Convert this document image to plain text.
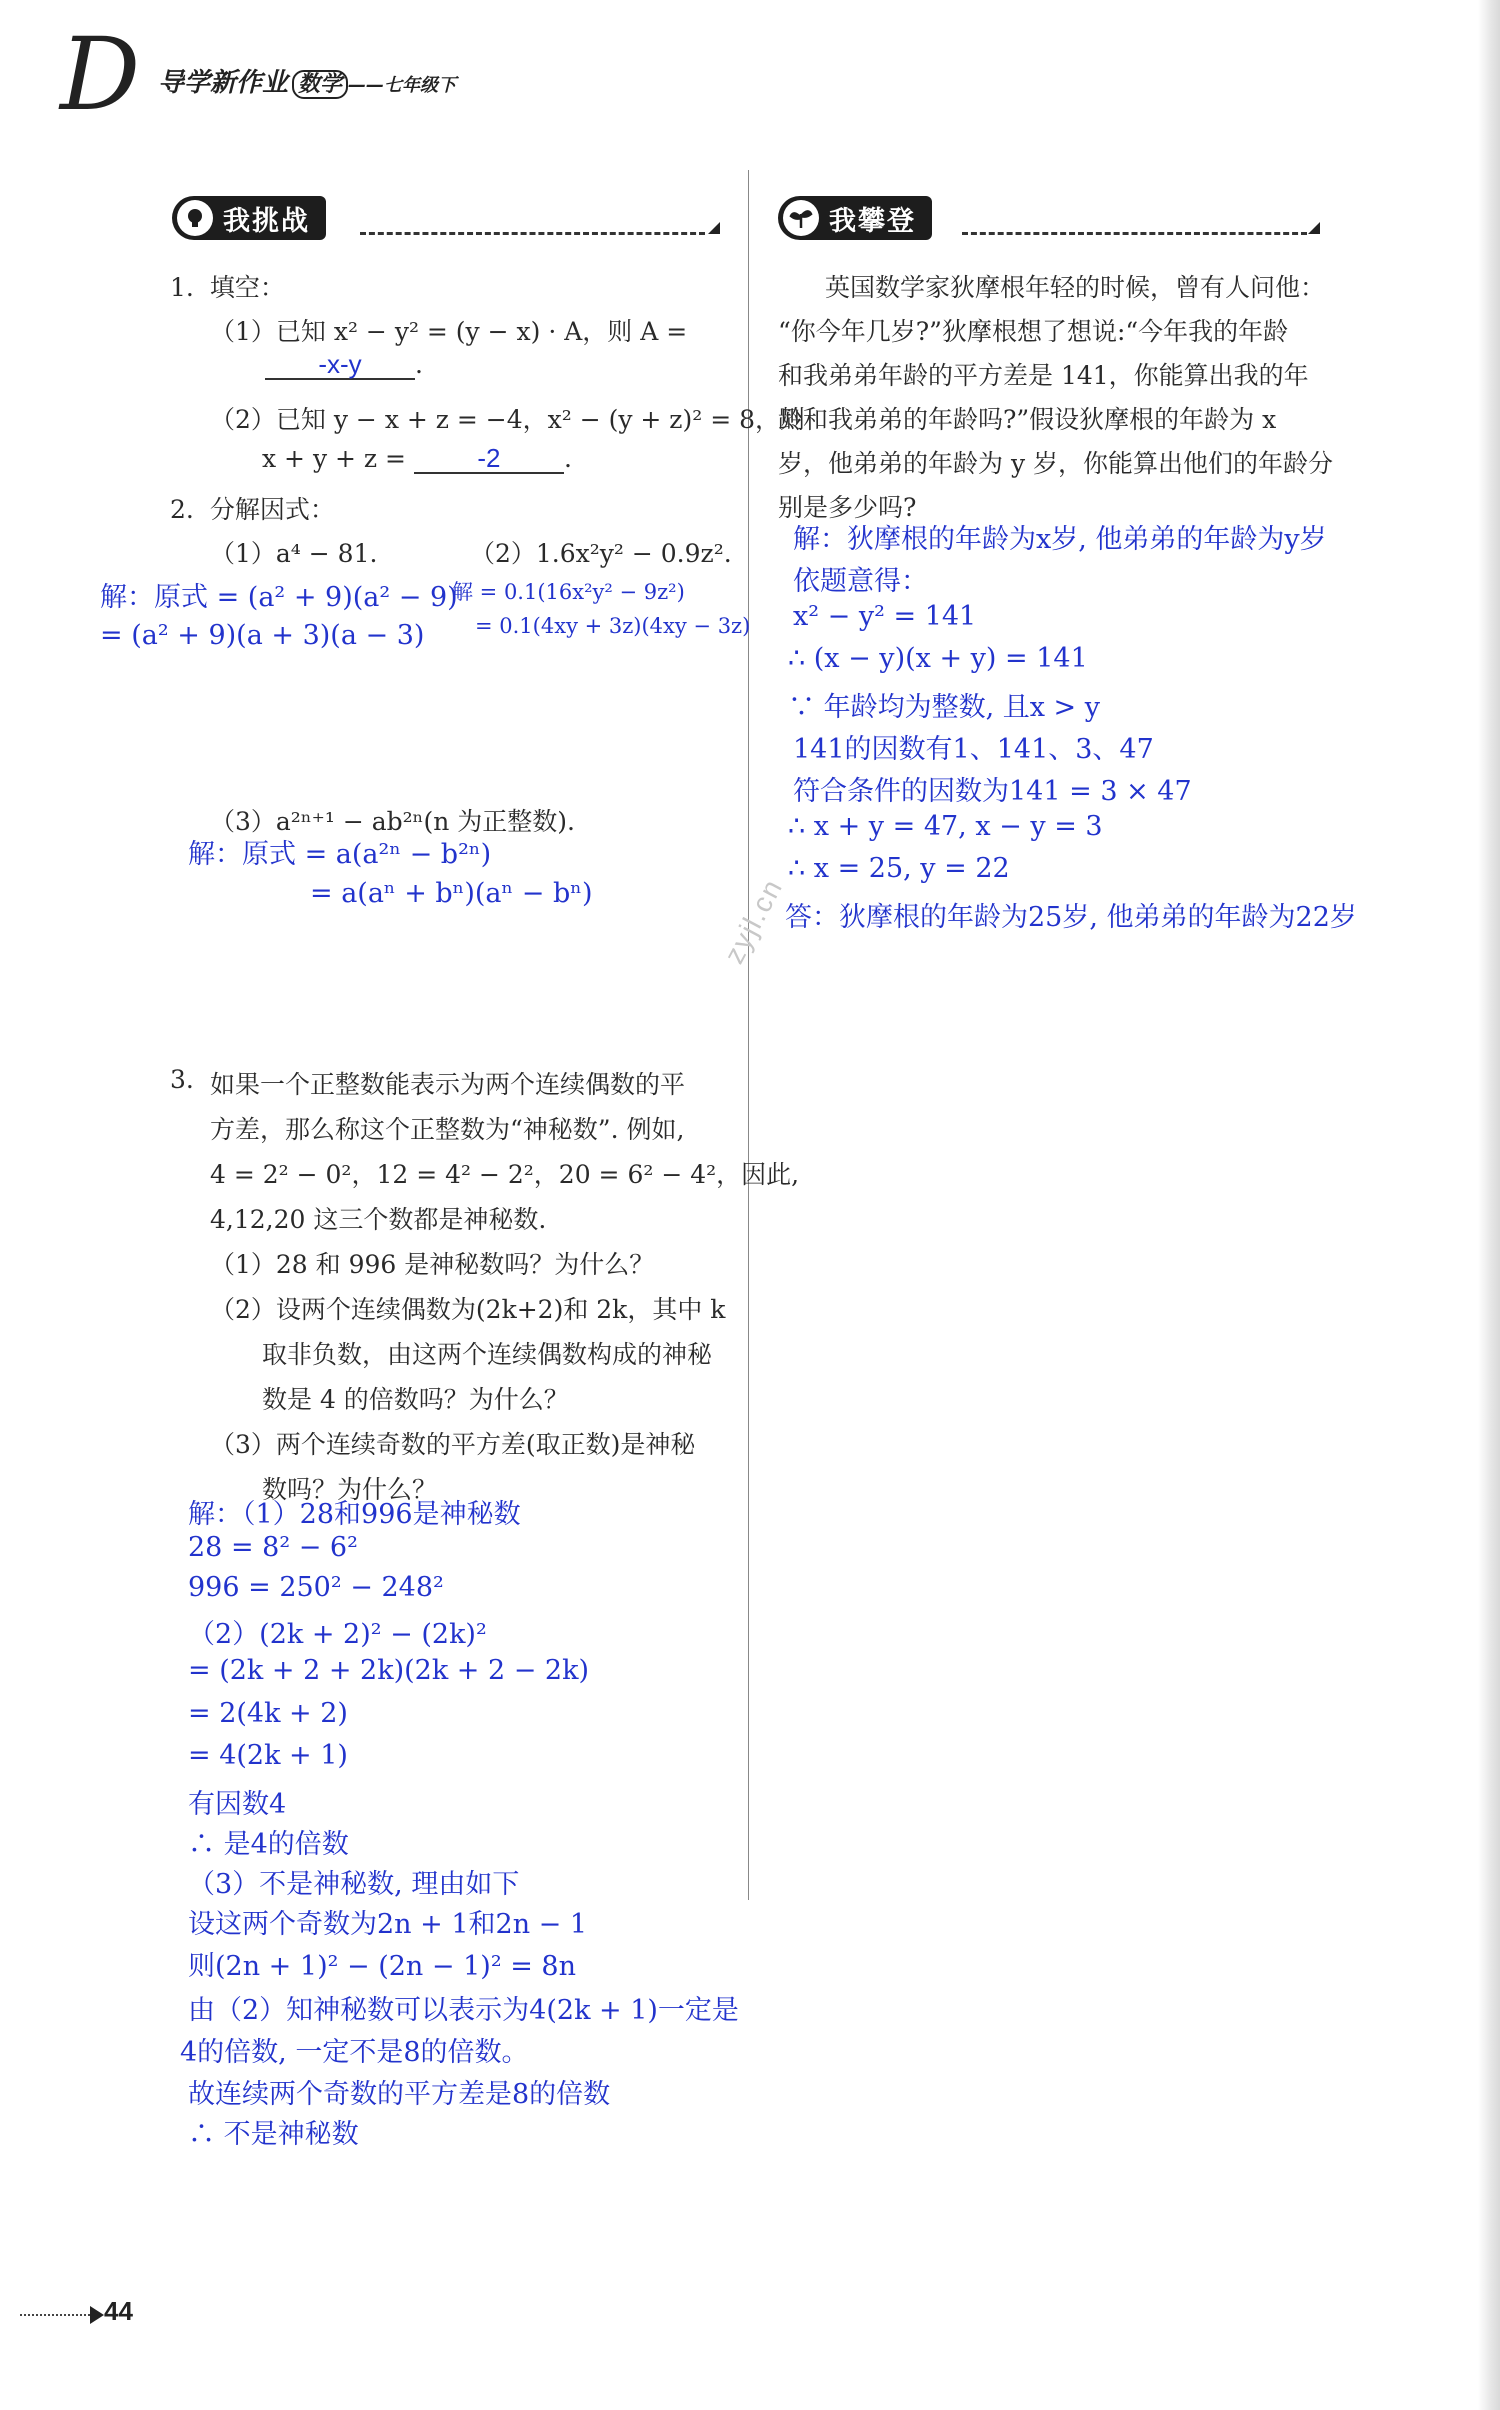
D 导学新作业 数学 ——七年级下
我挑战	我攀登
1. 填空：
（1）已知 x² − y² = (y − x) · A，则 A =
-x-y .
（2）已知 y − x + z = −4，x² − (y + z)² = 8，则
x + y + z =	-2	.
2. 分解因式：
（1）a⁴ − 81.	（2）1.6x²y² − 0.9z².
解：原式 = (a² + 9)(a² − 9)
= (a² + 9)(a + 3)(a − 3)
解 = 0.1(16x²y² − 9z²)
= 0.1(4xy + 3z)(4xy − 3z)
（3）a²ⁿ⁺¹ − ab²ⁿ(n 为正整数).
解：原式 = a(a²ⁿ − b²ⁿ)
= a(aⁿ + bⁿ)(aⁿ − bⁿ)
3. 如果一个正整数能表示为两个连续偶数的平
方差，那么称这个正整数为“神秘数”. 例如,
4 = 2² − 0²，12 = 4² − 2²，20 = 6² − 4²，因此,
4,12,20 这三个数都是神秘数.
（1）28 和 996 是神秘数吗？为什么？
（2）设两个连续偶数为(2k+2)和 2k，其中 k
取非负数，由这两个连续偶数构成的神秘
数是 4 的倍数吗？为什么？
（3）两个连续奇数的平方差(取正数)是神秘
数吗？为什么？
解：（1）28和996是神秘数
28 = 8² − 6²
996 = 250² − 248²
（2）(2k + 2)² − (2k)²
= (2k + 2 + 2k)(2k + 2 − 2k)
= 2(4k + 2)
= 4(2k + 1)
有因数4
∴ 是4的倍数
（3）不是神秘数, 理由如下
设这两个奇数为2n + 1和2n − 1
则(2n + 1)² − (2n − 1)² = 8n
由（2）知神秘数可以表示为4(2k + 1)一定是
4的倍数, 一定不是8的倍数。
故连续两个奇数的平方差是8的倍数
∴ 不是神秘数
英国数学家狄摩根年轻的时候，曾有人问他：
“你今年几岁?”狄摩根想了想说:“今年我的年龄
和我弟弟年龄的平方差是 141，你能算出我的年
龄和我弟弟的年龄吗?”假设狄摩根的年龄为 x
岁，他弟弟的年龄为 y 岁，你能算出他们的年龄分
别是多少吗?
解：狄摩根的年龄为x岁, 他弟弟的年龄为y岁
依题意得：
x² − y² = 141
∴ (x − y)(x + y) = 141
∵ 年龄均为整数, 且x > y
141的因数有1、141、3、47
符合条件的因数为141 = 3 × 47
∴ x + y = 47, x − y = 3
∴ x = 25, y = 22
答：狄摩根的年龄为25岁, 他弟弟的年龄为22岁
zyjl.cn
44
